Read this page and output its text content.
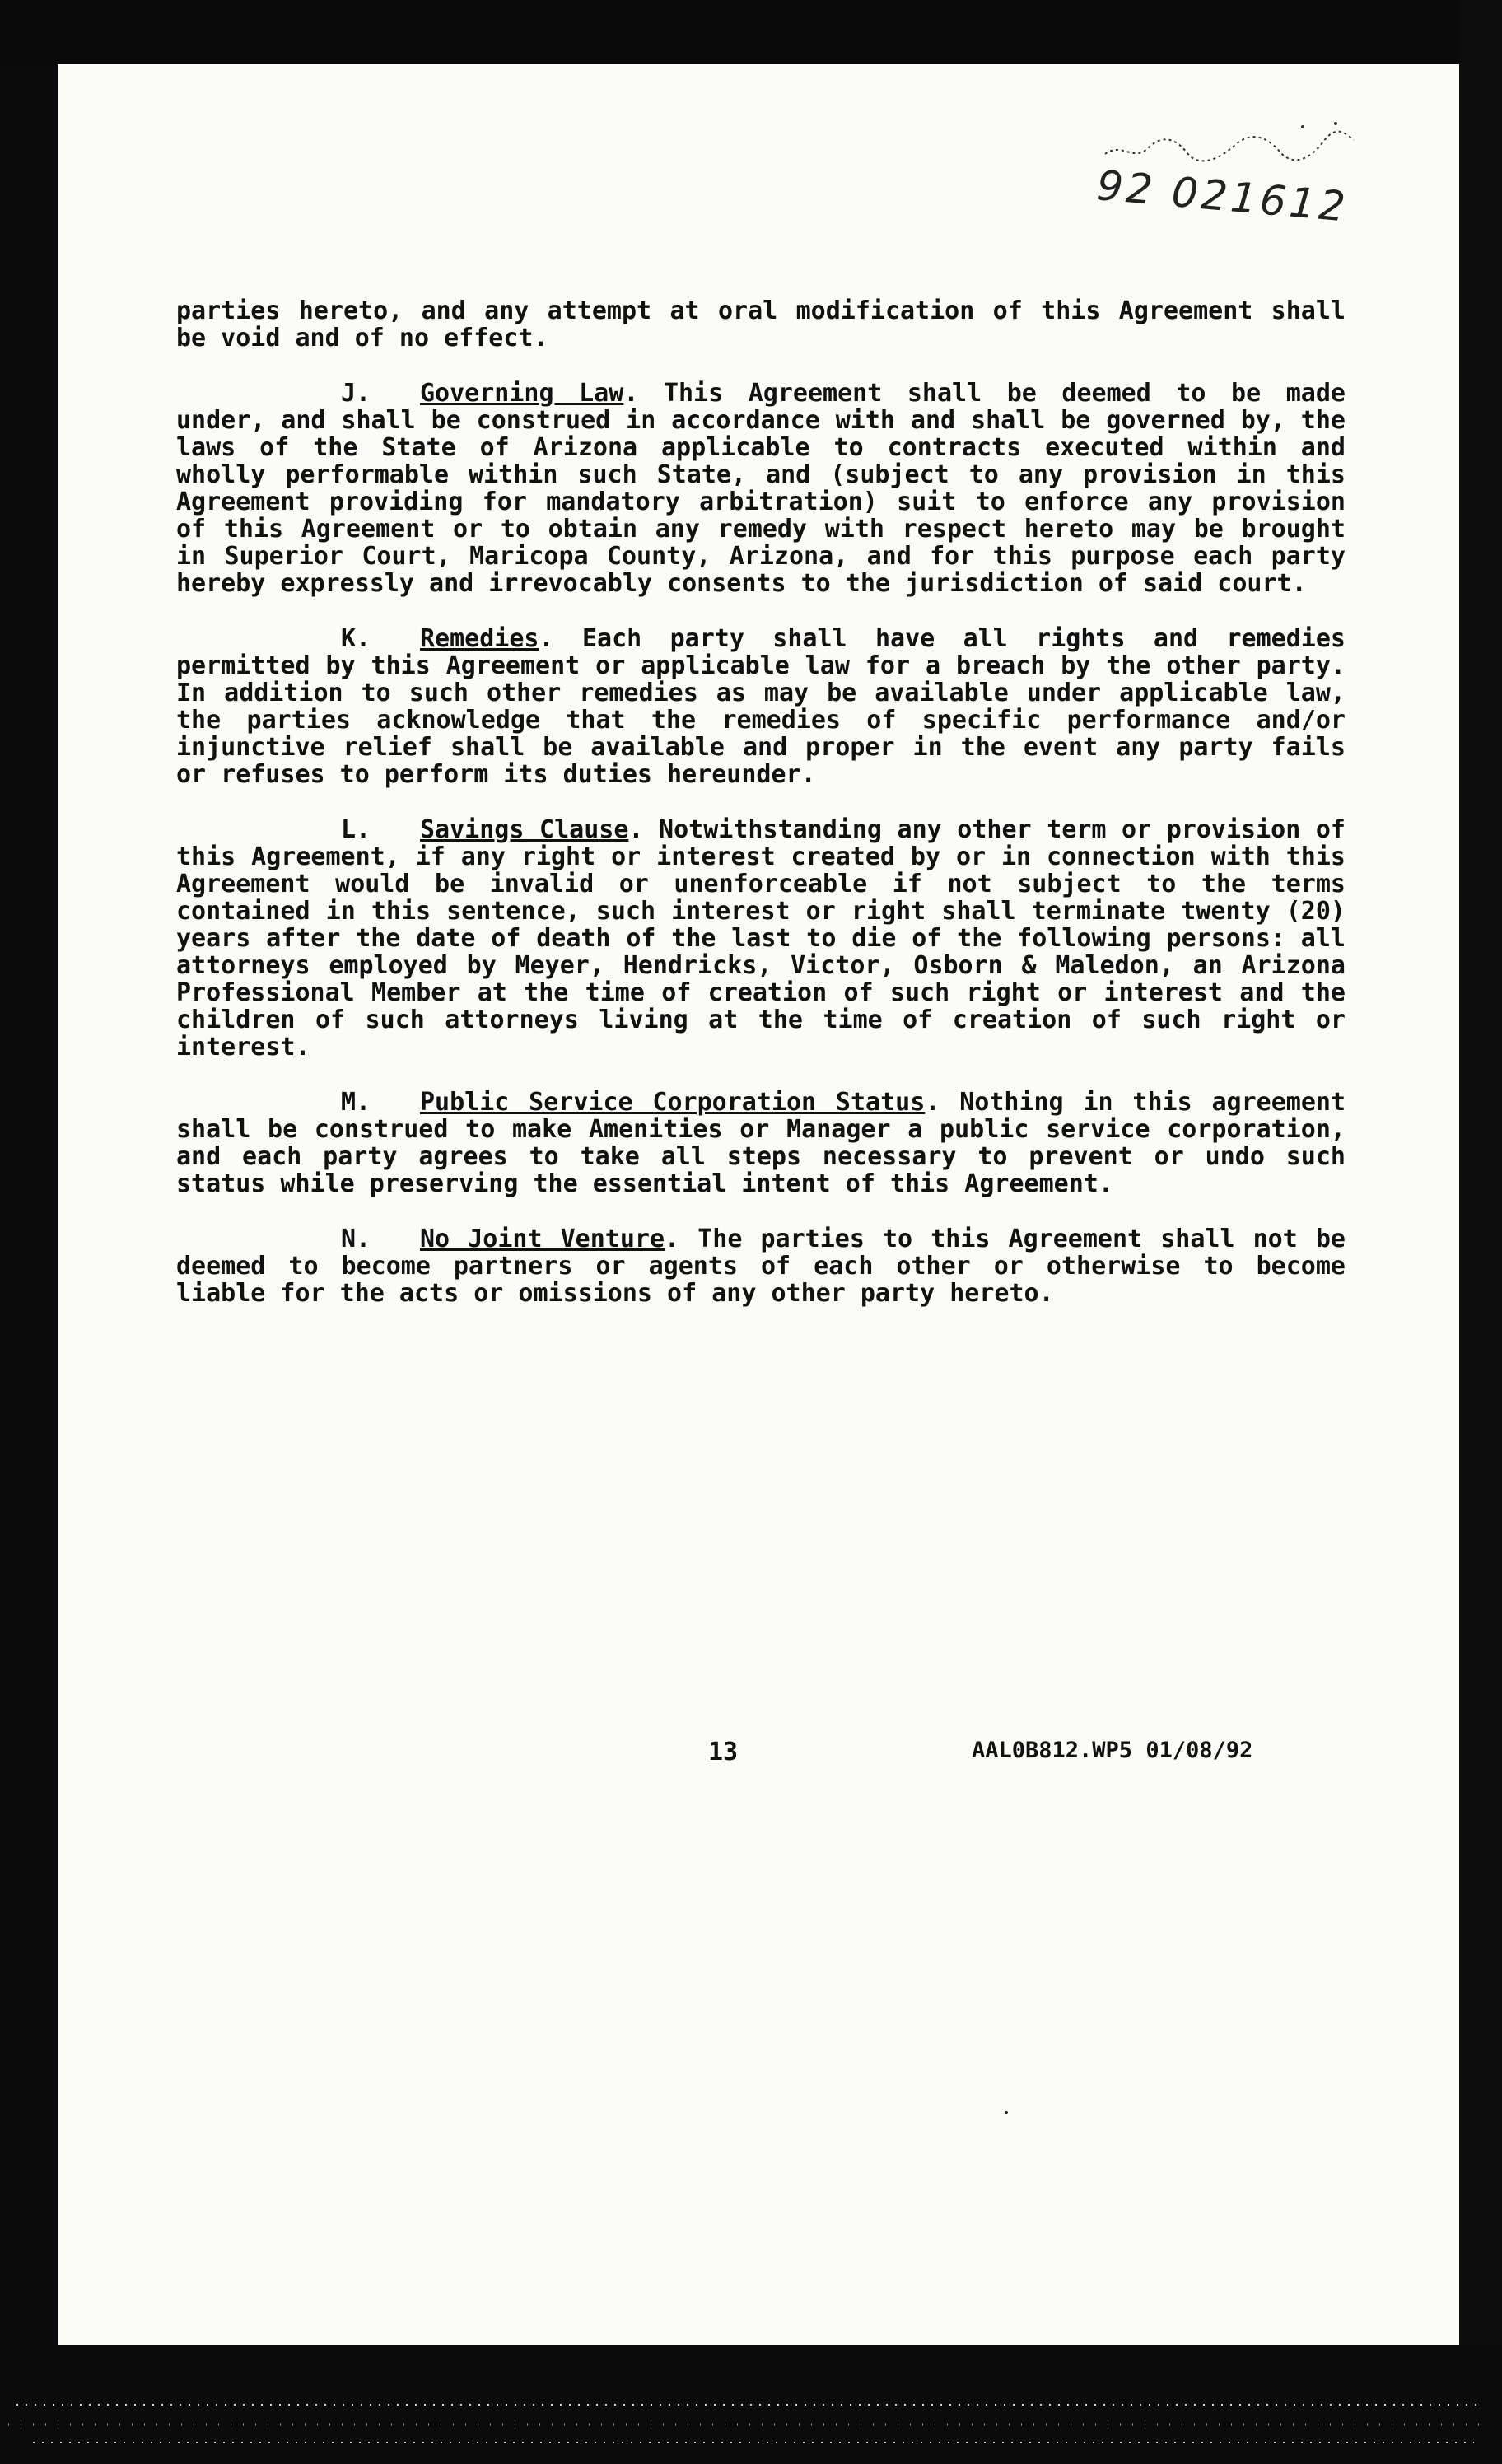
92 021612

parties hereto, and any attempt at oral modification of this Agreement shall be void and of no effect.

J. Governing Law. This Agreement shall be deemed to be made under, and shall be construed in accordance with and shall be governed by, the laws of the State of Arizona applicable to contracts executed within and wholly performable within such State, and (subject to any provision in this Agreement providing for mandatory arbitration) suit to enforce any provision of this Agreement or to obtain any remedy with respect hereto may be brought in Superior Court, Maricopa County, Arizona, and for this purpose each party hereby expressly and irrevocably consents to the jurisdiction of said court.

K. Remedies. Each party shall have all rights and remedies permitted by this Agreement or applicable law for a breach by the other party. In addition to such other remedies as may be available under applicable law, the parties acknowledge that the remedies of specific performance and/or injunctive relief shall be available and proper in the event any party fails or refuses to perform its duties hereunder.

L. Savings Clause. Notwithstanding any other term or provision of this Agreement, if any right or interest created by or in connection with this Agreement would be invalid or unenforceable if not subject to the terms contained in this sentence, such interest or right shall terminate twenty (20) years after the date of death of the last to die of the following persons: all attorneys employed by Meyer, Hendricks, Victor, Osborn & Maledon, an Arizona Professional Member at the time of creation of such right or interest and the children of such attorneys living at the time of creation of such right or interest.

M. Public Service Corporation Status. Nothing in this agreement shall be construed to make Amenities or Manager a public service corporation, and each party agrees to take all steps necessary to prevent or undo such status while preserving the essential intent of this Agreement.

N. No Joint Venture. The parties to this Agreement shall not be deemed to become partners or agents of each other or otherwise to become liable for the acts or omissions of any other party hereto.

13	AAL0B812.WP5 01/08/92
